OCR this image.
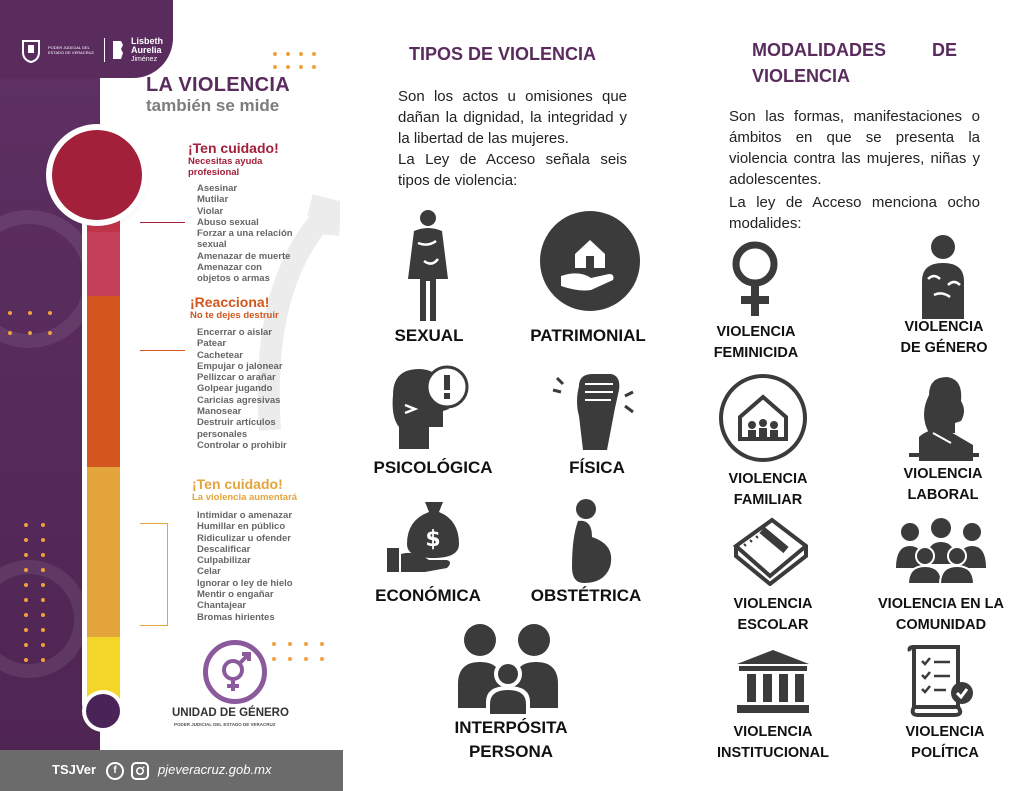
PODER JUDICIAL DEL ESTADO DE VERACRUZ
Lisbeth
Aurelia
Jiménez
LA VIOLENCIA
también se mide
¡Ten cuidado!
Necesitas ayuda profesional
Asesinar
Mutilar
Violar
Abuso sexual
Forzar a una relación sexual
Amenazar de muerte
Amenazar con objetos o armas
¡Reacciona!
No te dejes destruir
Encerrar o aislar
Patear
Cachetear
Empujar o jalonear
Pellizcar o arañar
Golpear jugando
Caricias agresivas
Manosear
Destruir artículos personales
Controlar o prohibir
¡Ten cuidado!
La violencia aumentará
Intimidar o amenazar
Humillar en público
Ridiculizar u ofender
Descalificar
Culpabilizar
Celar
Ignorar o ley de hielo
Mentir o engañar
Chantajear
Bromas hirientes
UNIDAD DE GÉNERO
PODER JUDICIAL DEL ESTADO DE VERACRUZ
TSJVer	f	pjeveracruz.gob.mx
TIPOS DE VIOLENCIA
Son los actos u omisiones que dañan la dignidad, la integridad y la libertad de las mujeres.
La Ley de Acceso señala seis tipos de violencia:
SEXUAL	PATRIMONIAL
PSICOLÓGICA	FÍSICA
$
ECONÓMICA	OBSTÉTRICA
INTERPÓSITA
PERSONA
MODALIDADES	DE
VIOLENCIA
Son las formas, manifestaciones o ámbitos en que se presenta la violencia contra las mujeres, niñas y adolescentes.
La ley de Acceso menciona ocho modalides:
VIOLENCIA
FEMINICIDA
VIOLENCIA
DE GÉNERO
VIOLENCIA
FAMILIAR
VIOLENCIA
LABORAL
VIOLENCIA
ESCOLAR
VIOLENCIA EN LA
COMUNIDAD
VIOLENCIA
INSTITUCIONAL
VIOLENCIA
POLÍTICA
